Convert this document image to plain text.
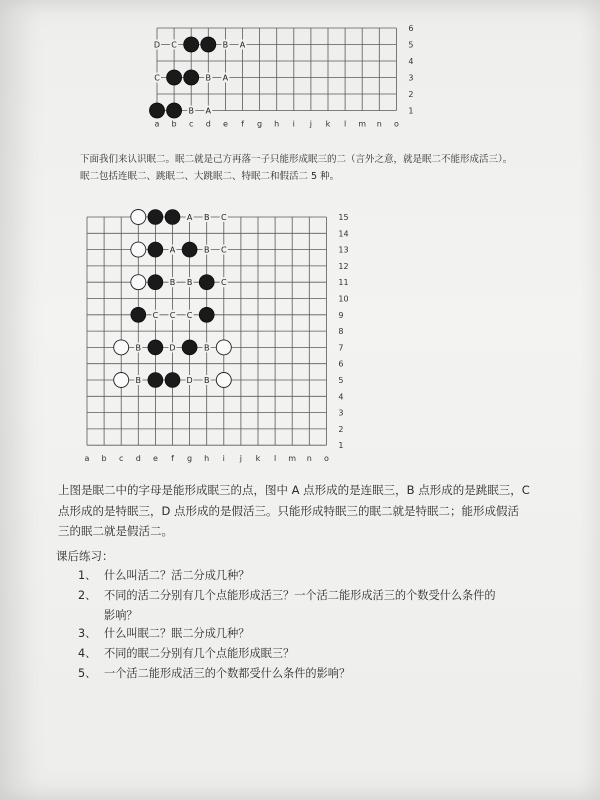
a b c d e f g h i j k l m n o
6
5
4
3
2
1
D C	B A
C	B A
B A
下面我们来认识眠二。眠二就是己方再落一子只能形成眠三的二（言外之意，就是眠二不能形成活三）。眠二包括连眠二、跳眠二、大跳眠二、特眠二和假活二 5 种。
a b c d e f g h i j k l m n o
15
14
13
12
11
10
9
8
7
6
5
4
3
2
1
A B C
A	B C
B B	C
C C C
B	D	B
B	D B
上图是眠二中的字母是能形成眠三的点，图中 A 点形成的是连眠三，B 点形成的是跳眠三，C 点形成的是特眠三，D 点形成的是假活三。只能形成特眠三的眠二就是特眠二；能形成假活三的眠二就是假活二。
课后练习：
1、 什么叫活二？活二分成几种？
2、 不同的活二分别有几个点能形成活三？一个活二能形成活三的个数受什么条件的
影响？
3、 什么叫眠二？眠二分成几种？
4、 不同的眠二分别有几个点能形成眠三？
5、 一个活二能形成活三的个数都受什么条件的影响？
